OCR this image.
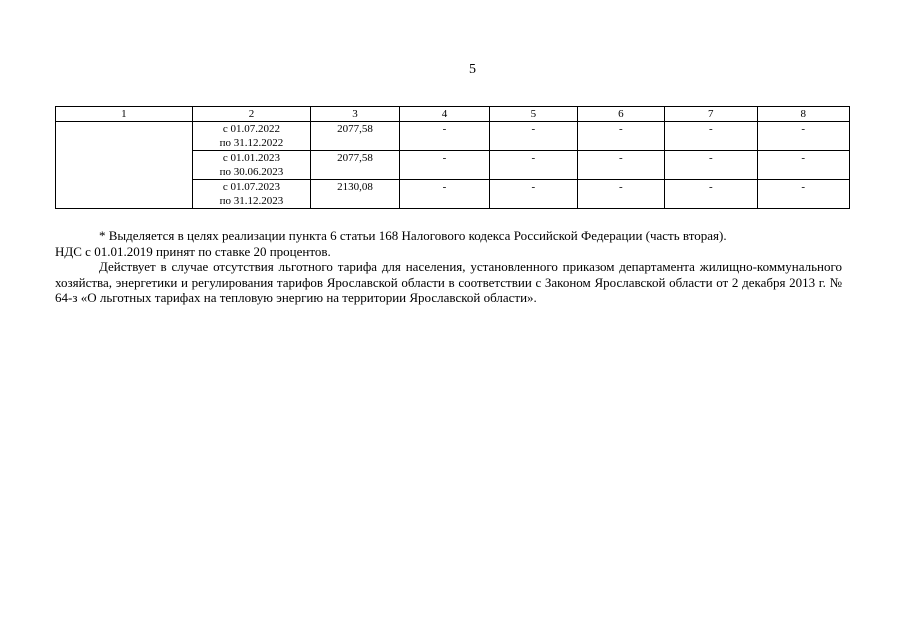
5
1	2	3	4	5	6	7	8

	с 01.07.2022
по 31.12.2022	2077,58	-	-	-	-	-

	с 01.01.2023
по 30.06.2023	2077,58	-	-	-	-	-

	с 01.07.2023
по 31.12.2023	2130,08	-	-	-	-	-

* Выделяется в целях реализации пункта 6 статьи 168 Налогового кодекса Российской Федерации (часть вторая).

НДС с 01.01.2019 принят по ставке 20 процентов.

Действует в случае отсутствия льготного тарифа для населения, установленного приказом департамента жилищно-коммунального хозяйства, энергетики и регулирования тарифов Ярославской области в соответствии с Законом Ярославской области от 2 декабря 2013 г. № 64-з «О льготных тарифах на тепловую энергию на территории Ярославской области».
